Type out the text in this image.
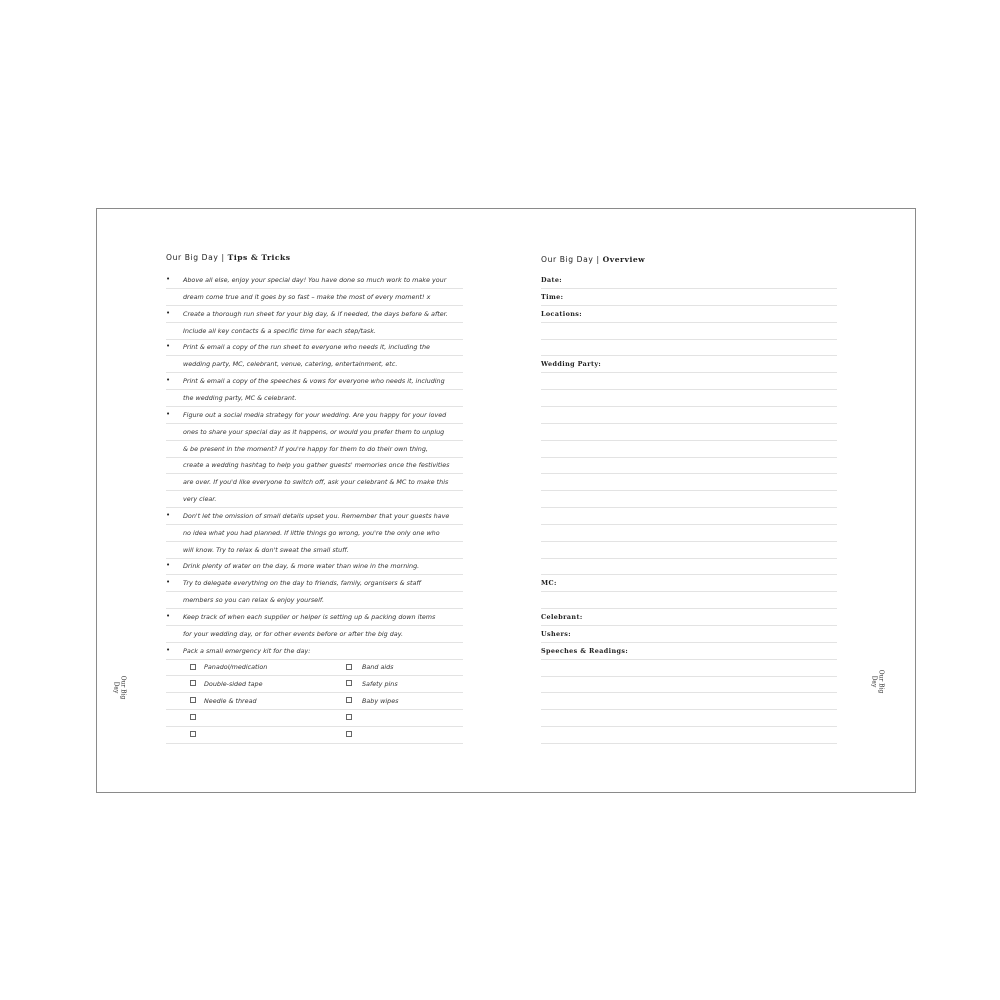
Our Big Day | Tips & Tricks
Above all else, enjoy your special day! You have done so much work to make your
•
dream come true and it goes by so fast – make the most of every moment! x
Create a thorough run sheet for your big day, & if needed, the days before & after.
•
Include all key contacts & a specific time for each step/task.
Print & email a copy of the run sheet to everyone who needs it, including the
•
wedding party, MC, celebrant, venue, catering, entertainment, etc.
Print & email a copy of the speeches & vows for everyone who needs it, including
•
the wedding party, MC & celebrant.
Figure out a social media strategy for your wedding. Are you happy for your loved
•
ones to share your special day as it happens, or would you prefer them to unplug
& be present in the moment? If you're happy for them to do their own thing,
create a wedding hashtag to help you gather guests' memories once the festivities
are over. If you'd like everyone to switch off, ask your celebrant & MC to make this
very clear.
Don't let the omission of small details upset you. Remember that your guests have
•
no idea what you had planned. If little things go wrong, you're the only one who
will know. Try to relax & don't sweat the small stuff.
Drink plenty of water on the day, & more water than wine in the morning.
•
Try to delegate everything on the day to friends, family, organisers & staff
•
members so you can relax & enjoy yourself.
Keep track of when each supplier or helper is setting up & packing down items
•
for your wedding day, or for other events before or after the big day.
Pack a small emergency kit for the day:
•
Panadol/medication	Band aids
Double-sided tape	Safety pins
Needle & thread	Baby wipes
Our Big Day
Our Big Day | Overview
Date:
Time:
Locations:
Wedding Party:
MC:
Celebrant:
Ushers:
Speeches & Readings:
Our Big Day
